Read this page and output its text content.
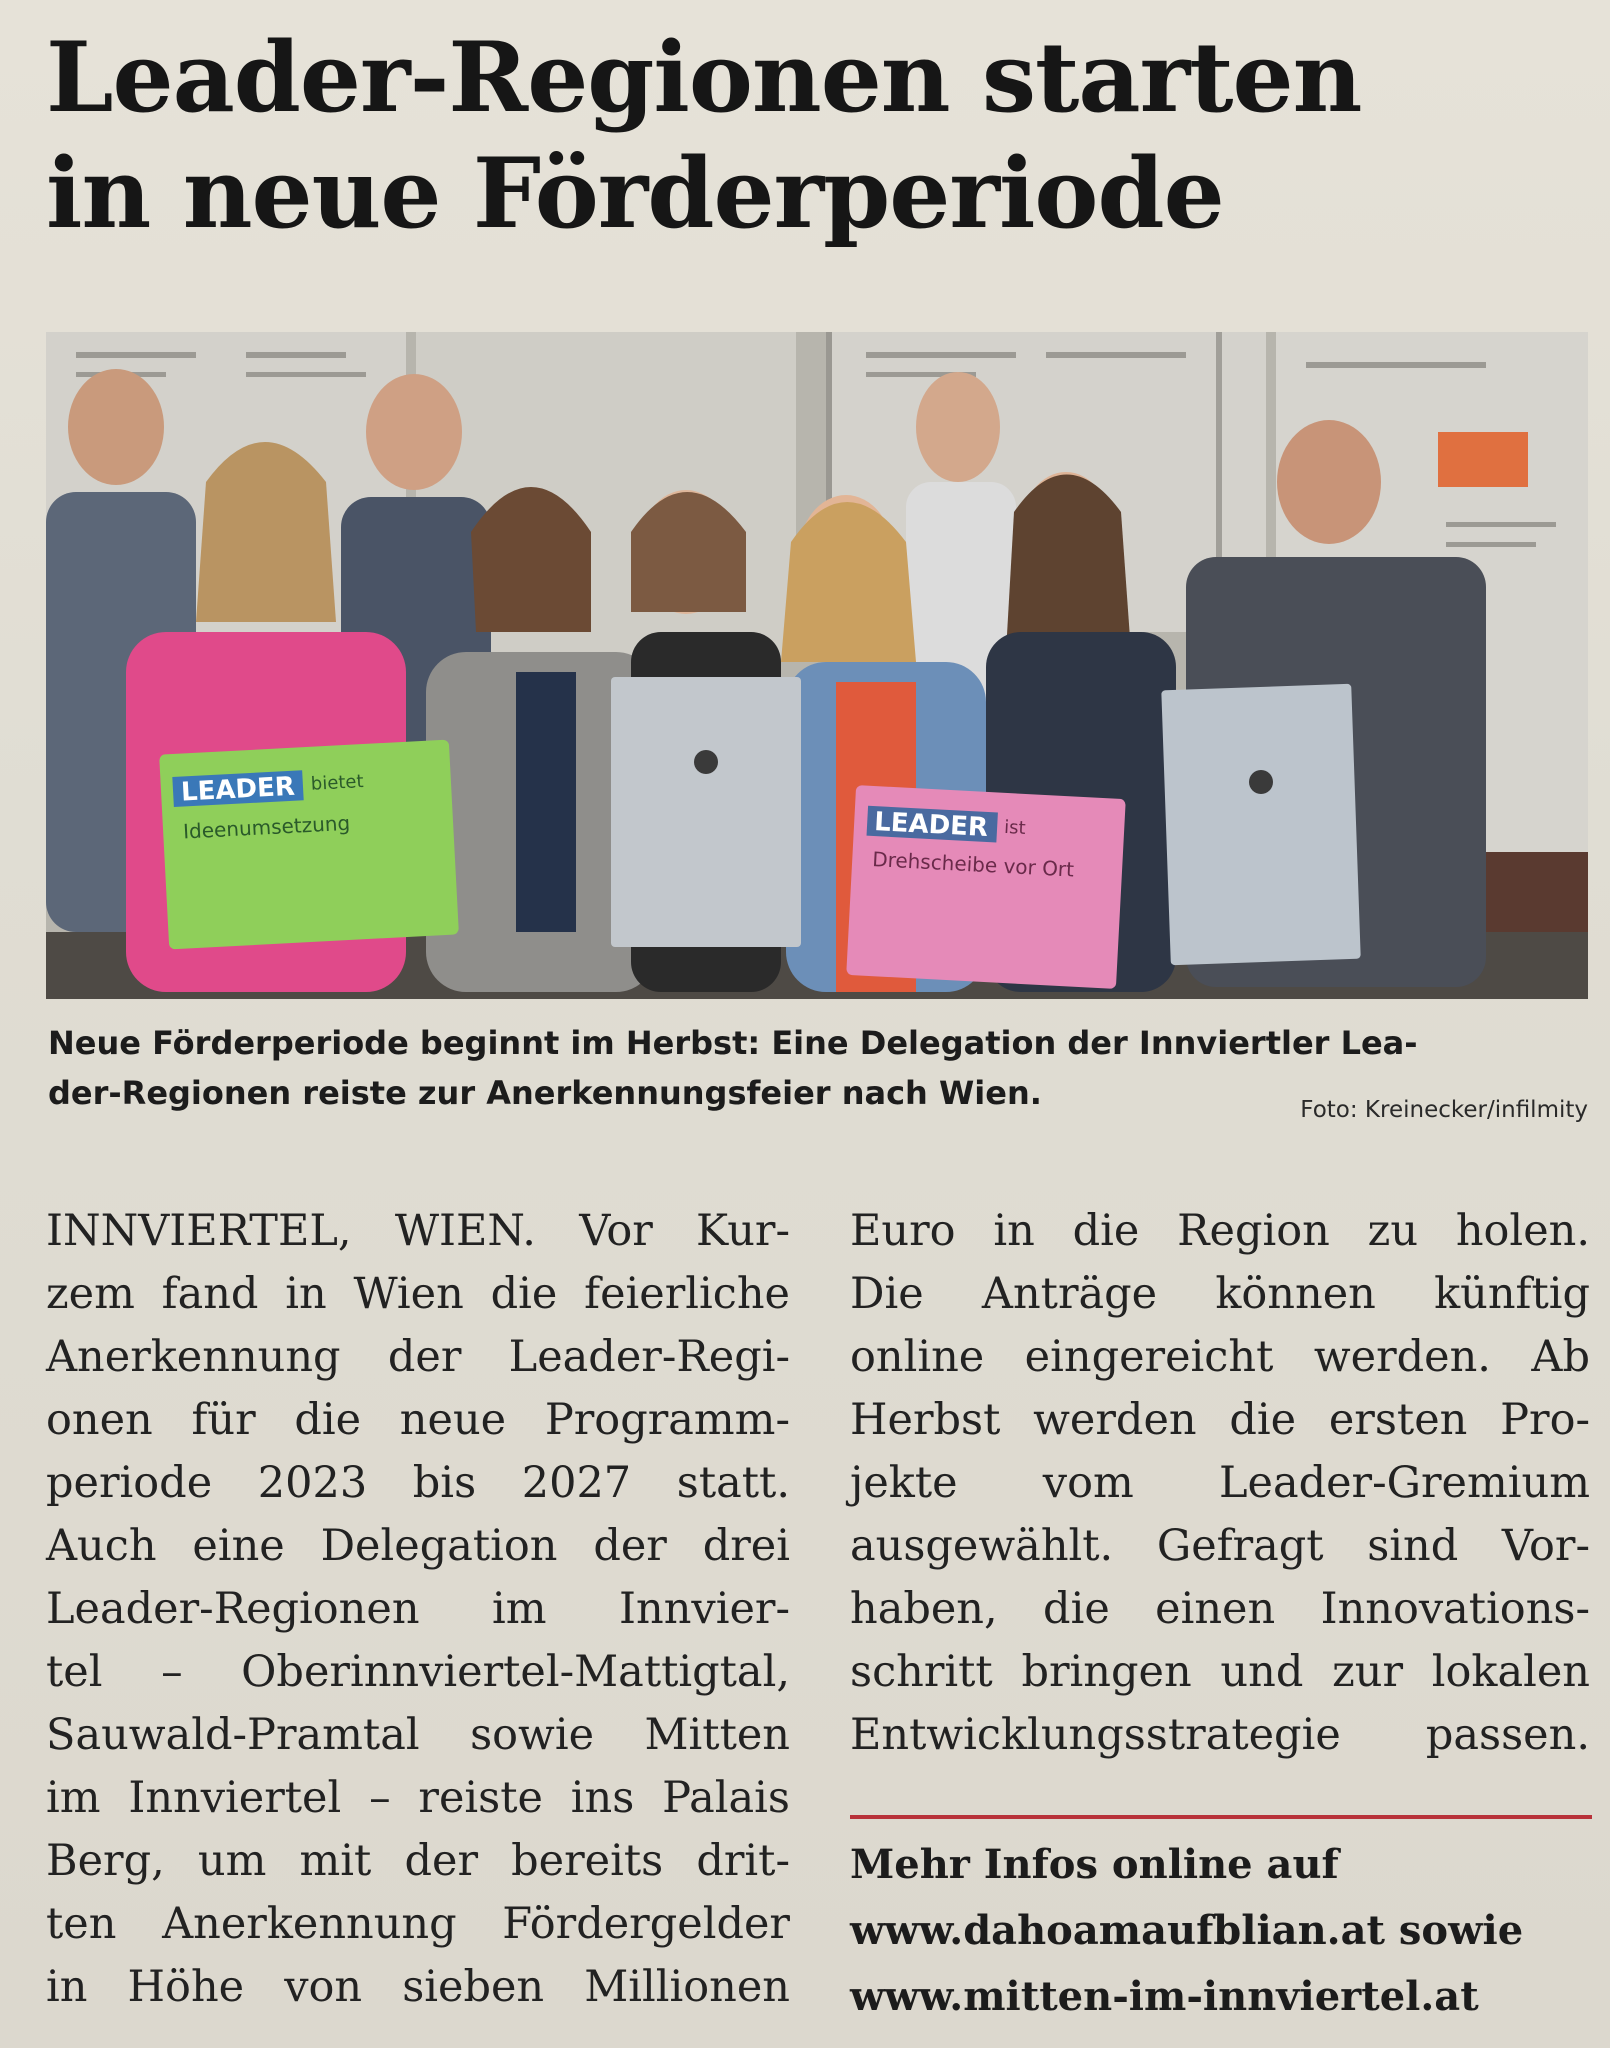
Leader-Regionen starten
in neue Förderperiode
LEADER bietet
Ideenumsetzung	LEADER ist
Drehscheibe vor Ort
Neue Förderperiode beginnt im Herbst: Eine Delegation der Innviertler Lea-
der-Regionen reiste zur Anerkennungsfeier nach Wien.	Foto: Kreinecker/infilmity
INNVIERTEL, WIEN. Vor Kur-
zem fand in Wien die feierliche
Anerkennung der Leader-Regi-
onen für die neue Programm-
periode 2023 bis 2027 statt.
Auch eine Delegation der drei
Leader-Regionen im Innvier-
tel – Oberinnviertel-Mattigtal,
Sauwald-Pramtal sowie Mitten
im Innviertel – reiste ins Palais
Berg, um mit der bereits drit-
ten Anerkennung Fördergelder
in Höhe von sieben Millionen
Euro in die Region zu holen.
Die Anträge können künftig
online eingereicht werden. Ab
Herbst werden die ersten Pro-
jekte vom Leader-Gremium
ausgewählt. Gefragt sind Vor-
haben, die einen Innovations-
schritt bringen und zur lokalen
Entwicklungsstrategie passen.
Mehr Infos online auf
www.dahoamaufblian.at sowie
www.mitten-im-innviertel.at
